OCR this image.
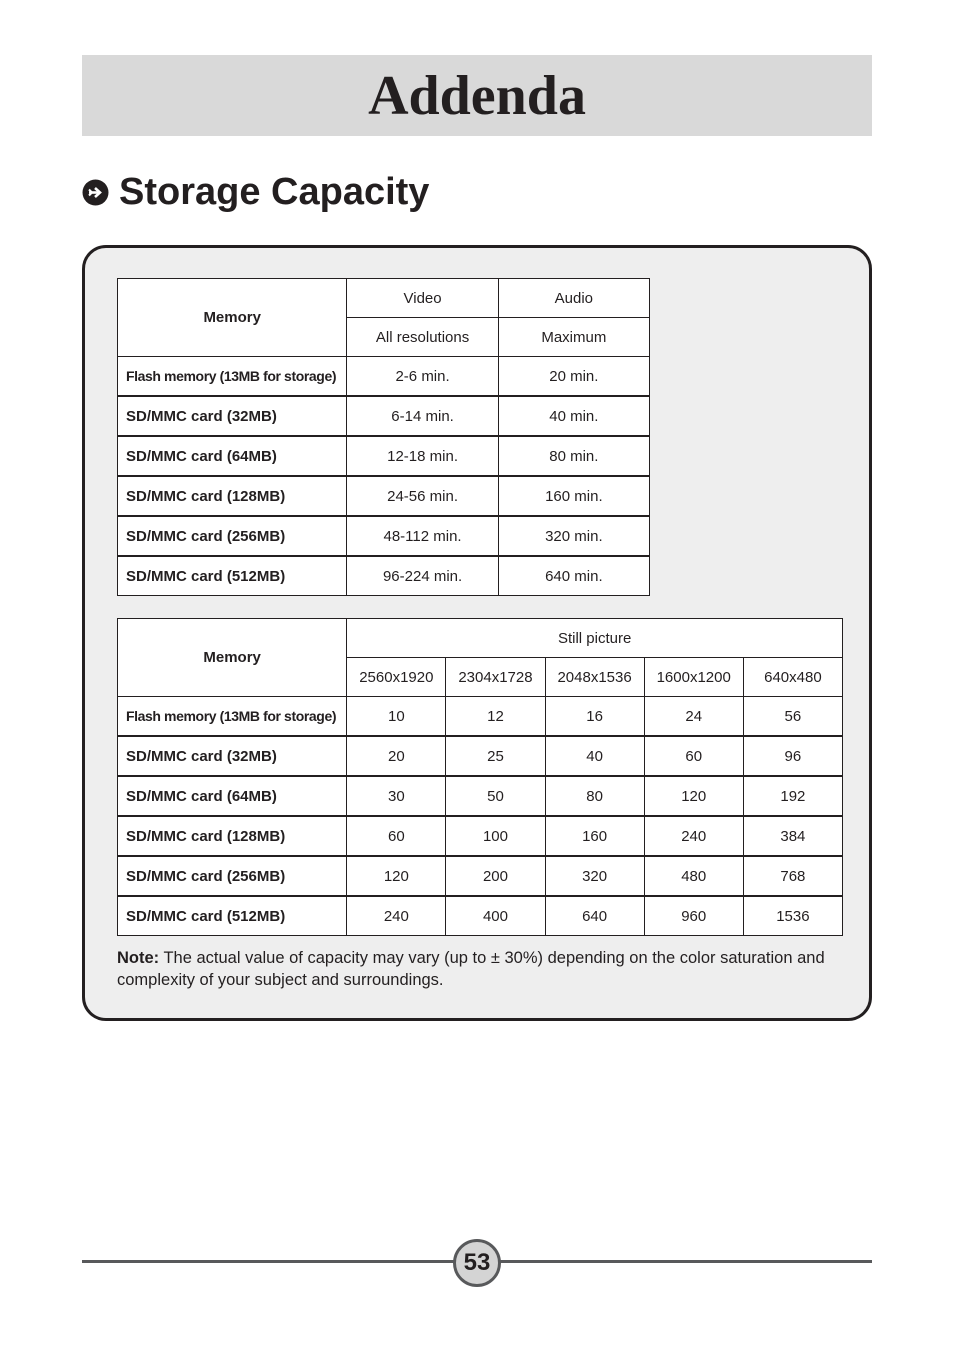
Addenda
Storage Capacity
Memory	Video	Audio
	All resolutions	Maximum
Flash memory (13MB for storage)	2-6 min.	20 min.
SD/MMC card (32MB)	6-14 min.	40 min.
SD/MMC card (64MB)	12-18 min.	80 min.
SD/MMC card (128MB)	24-56 min.	160 min.
SD/MMC card (256MB)	48-112 min.	320 min.
SD/MMC card (512MB)	96-224 min.	640 min.
Memory	Still picture				
	2560x1920	2304x1728	2048x1536	1600x1200	640x480
Flash memory (13MB for storage)	10	12	16	24	56
SD/MMC card (32MB)	20	25	40	60	96
SD/MMC card (64MB)	30	50	80	120	192
SD/MMC card (128MB)	60	100	160	240	384
SD/MMC card (256MB)	120	200	320	480	768
SD/MMC card (512MB)	240	400	640	960	1536
Note: The actual value of capacity may vary (up to ± 30%) depending on the color saturation and complexity of your subject and surroundings.
53
